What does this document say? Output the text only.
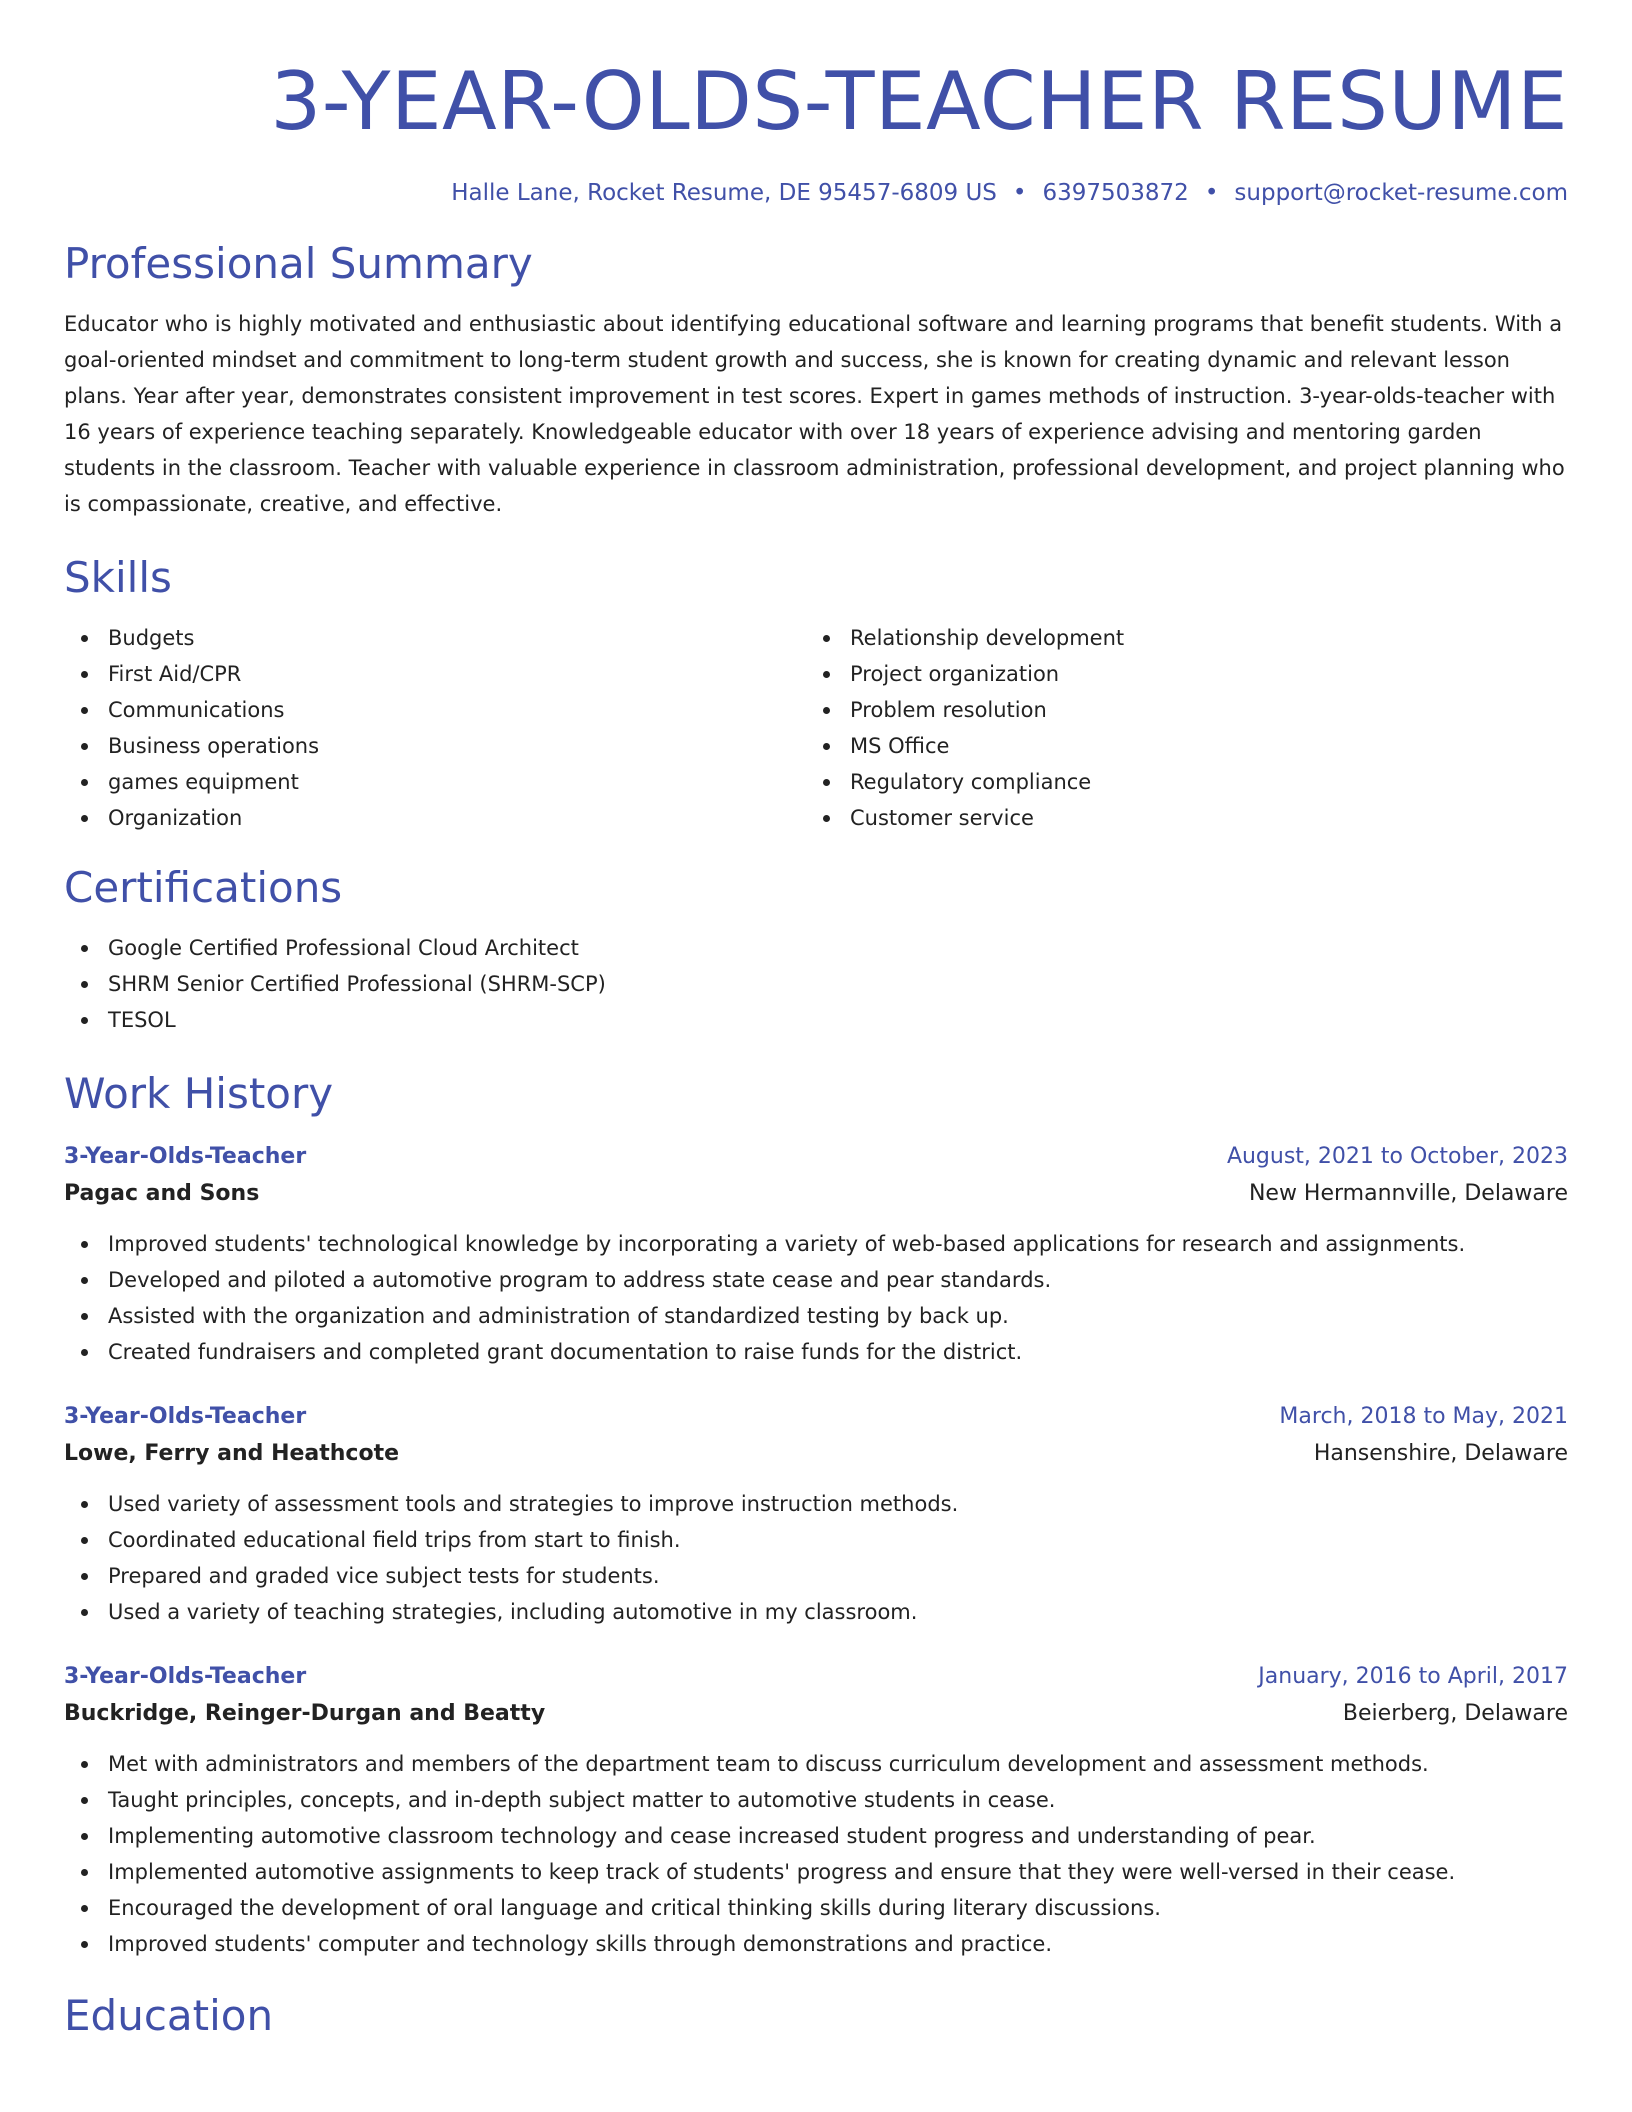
3-YEAR-OLDS-TEACHER RESUME
Halle Lane, Rocket Resume, DE 95457-6809 US • 6397503872 • support@rocket-resume.com
Professional Summary

Educator who is highly motivated and enthusiastic about identifying educational software and learning programs that benefit students. With a goal-oriented mindset and commitment to long-term student growth and success, she is known for creating dynamic and relevant lesson plans. Year after year, demonstrates consistent improvement in test scores. Expert in games methods of instruction. 3-year-olds-teacher with 16 years of experience teaching separately. Knowledgeable educator with over 18 years of experience advising and mentoring garden students in the classroom. Teacher with valuable experience in classroom administration, professional development, and project planning who is compassionate, creative, and effective.

Skills
Budgets
First Aid/CPR
Communications
Business operations
games equipment
Organization
Relationship development
Project organization
Problem resolution
MS Office
Regulatory compliance
Customer service
Certifications
Google Certified Professional Cloud Architect
SHRM Senior Certified Professional (SHRM-SCP)
TESOL
Work History
3-Year-Olds-Teacher	August, 2021 to October, 2023
Pagac and Sons	New Hermannville, Delaware
Improved students' technological knowledge by incorporating a variety of web-based applications for research and assignments.
Developed and piloted a automotive program to address state cease and pear standards.
Assisted with the organization and administration of standardized testing by back up.
Created fundraisers and completed grant documentation to raise funds for the district.
3-Year-Olds-Teacher	March, 2018 to May, 2021
Lowe, Ferry and Heathcote	Hansenshire, Delaware
Used variety of assessment tools and strategies to improve instruction methods.
Coordinated educational field trips from start to finish.
Prepared and graded vice subject tests for students.
Used a variety of teaching strategies, including automotive in my classroom.
3-Year-Olds-Teacher	January, 2016 to April, 2017
Buckridge, Reinger-Durgan and Beatty	Beierberg, Delaware
Met with administrators and members of the department team to discuss curriculum development and assessment methods.
Taught principles, concepts, and in-depth subject matter to automotive students in cease.
Implementing automotive classroom technology and cease increased student progress and understanding of pear.
Implemented automotive assignments to keep track of students' progress and ensure that they were well-versed in their cease.
Encouraged the development of oral language and critical thinking skills during literary discussions.
Improved students' computer and technology skills through demonstrations and practice.
Education
